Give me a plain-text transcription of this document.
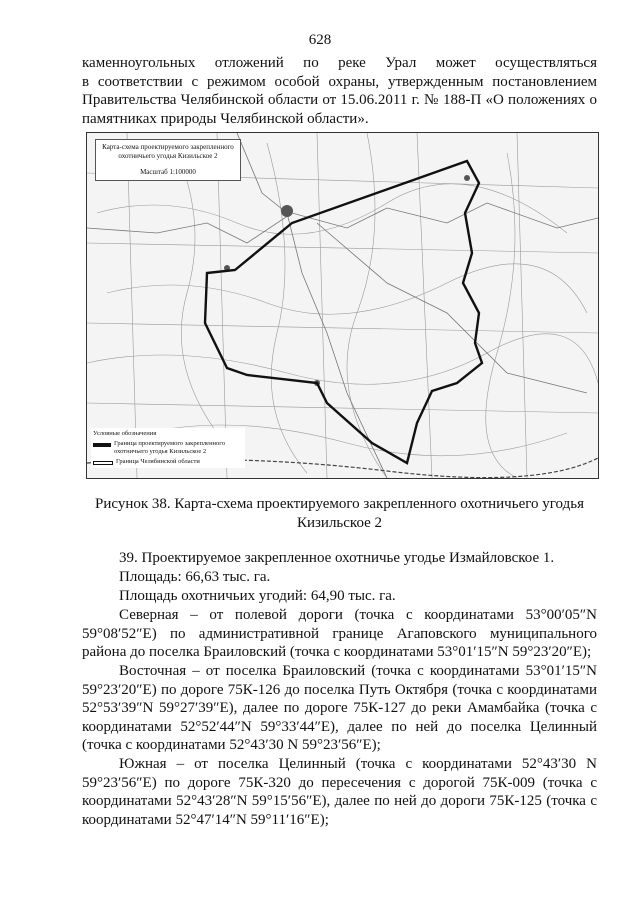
628
каменноугольных отложений по реке Урал может осуществляться
в соответствии с режимом особой охраны, утвержденным постановлением
Правительства Челябинской области от 15.06.2011 г. № 188-П «О положениях о
памятниках природы Челябинской области».
Карта-схема проектируемого закрепленного охотничьего угодья Кизильское 2
Масштаб 1:100000
Условные обозначения
Граница проектируемого закрепленного охотничьего угодья Кизильское 2
Граница Челябинской области
Рисунок 38. Карта-схема проектируемого закрепленного охотничьего угодья
Кизильское 2
39. Проектируемое закрепленное охотничье угодье Измайловское 1.
Площадь: 66,63 тыс. га.
Площадь охотничьих угодий: 64,90 тыс. га.
Северная – от полевой дороги (точка с координатами 53°00′05″N
59°08′52″E) по административной границе Агаповского муниципального
района до поселка Браиловский (точка с координатами 53°01′15″N 59°23′20″E);
Восточная – от поселка Браиловский (точка с координатами 53°01′15″N
59°23′20″E) по дороге 75К-126 до поселка Путь Октября (точка с координатами
52°53′39″N 59°27′39″E), далее по дороге 75К-127 до реки Амамбайка (точка с
координатами 52°52′44″N 59°33′44″E), далее по ней до поселка Целинный
(точка с координатами 52°43′30 N 59°23′56″E);
Южная – от поселка Целинный (точка с координатами 52°43′30 N
59°23′56″E) по дороге 75К-320 до пересечения с дорогой 75К-009 (точка с
координатами 52°43′28″N 59°15′56″E), далее по ней до дороги 75К-125 (точка с
координатами 52°47′14″N 59°11′16″E);
